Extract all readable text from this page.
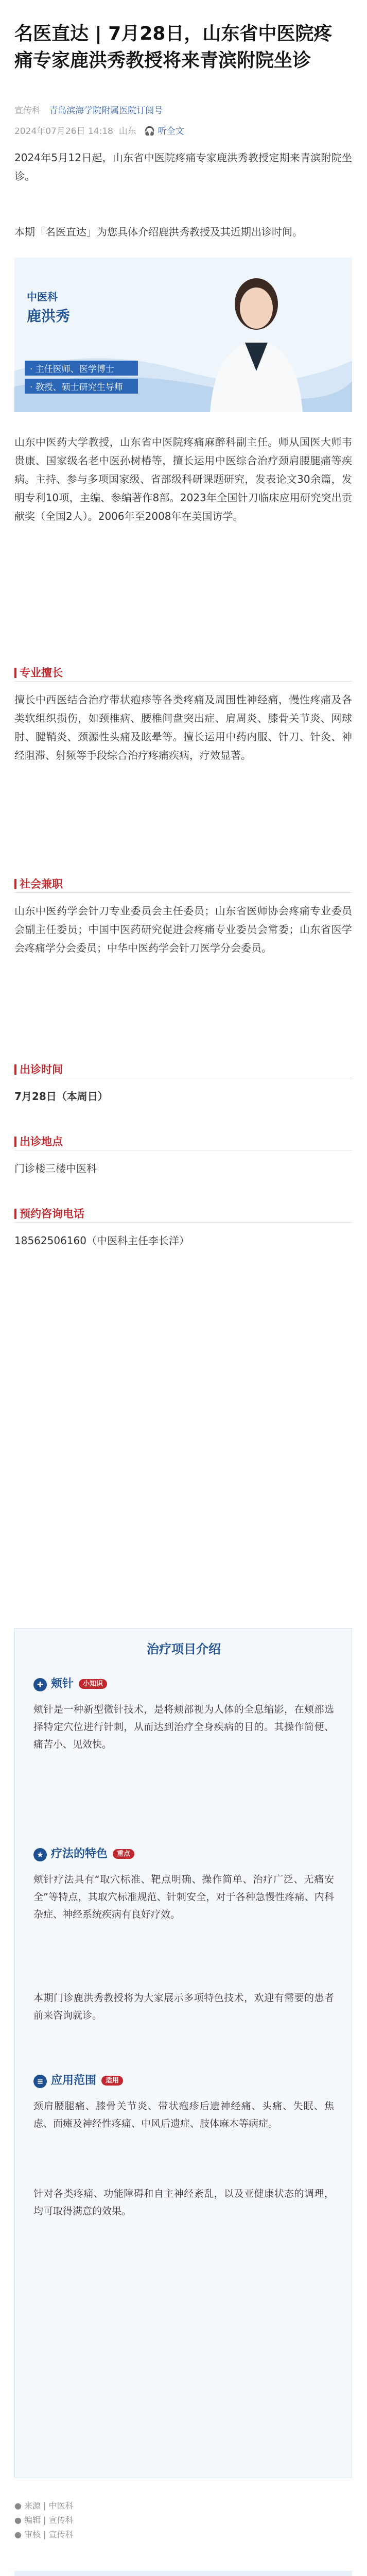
名医直达 | 7月28日，山东省中医院疼痛专家鹿洪秀教授将来青滨附院坐诊
宣传科 青岛滨海学院附属医院订阅号
2024年07月26日 14:18 山东 🎧 听全文
2024年5月12日起，山东省中医院疼痛专家鹿洪秀教授定期来青滨附院坐诊。
本期「名医直达」为您具体介绍鹿洪秀教授及其近期出诊时间。
中医科
鹿洪秀
· 主任医师、医学博士
· 教授、硕士研究生导师
山东中医药大学教授，山东省中医院疼痛麻醉科副主任。师从国医大师韦贵康、国家级名老中医孙树椿等，擅长运用中医综合治疗颈肩腰腿痛等疾病。主持、参与多项国家级、省部级科研课题研究，发表论文30余篇，发明专利10项，主编、参编著作8部。2023年全国针刀临床应用研究突出贡献奖（全国2人）。2006年至2008年在美国访学。
专业擅长
擅长中西医结合治疗带状疱疹等各类疼痛及周围性神经痛，慢性疼痛及各类软组织损伤，如颈椎病、腰椎间盘突出症、肩周炎、膝骨关节炎、网球肘、腱鞘炎、颈源性头痛及眩晕等。擅长运用中药内服、针刀、针灸、神经阻滞、射频等手段综合治疗疼痛疾病，疗效显著。
社会兼职
山东中医药学会针刀专业委员会主任委员；山东省医师协会疼痛专业委员会副主任委员；中国中医药研究促进会疼痛专业委员会常委；山东省医学会疼痛学分会委员；中华中医药学会针刀医学分会委员。
出诊时间
7月28日（本周日）
出诊地点
门诊楼三楼中医科
预约咨询电话
18562506160（中医科主任李长洋）
治疗项目介绍
✚ 颊针 小知识
颊针是一种新型微针技术，是将颊部视为人体的全息缩影，在颊部选择特定穴位进行针刺，从而达到治疗全身疾病的目的。其操作简便、痛苦小、见效快。
★ 疗法的特色 重点
颊针疗法具有“取穴标准、靶点明确、操作简单、治疗广泛、无痛安全”等特点，其取穴标准规范、针刺安全，对于各种急慢性疼痛、内科杂症、神经系统疾病有良好疗效。
本期门诊鹿洪秀教授将为大家展示多项特色技术，欢迎有需要的患者前来咨询就诊。
≡ 应用范围 适用
颈肩腰腿痛、膝骨关节炎、带状疱疹后遗神经痛、头痛、失眠、焦虑、面瘫及神经性疼痛、中风后遗症、肢体麻木等病症。
针对各类疼痛、功能障碍和自主神经紊乱，以及亚健康状态的调理，均可取得满意的效果。
● 来源 | 中医科
● 编辑 | 宣传科
● 审核 | 宣传科
